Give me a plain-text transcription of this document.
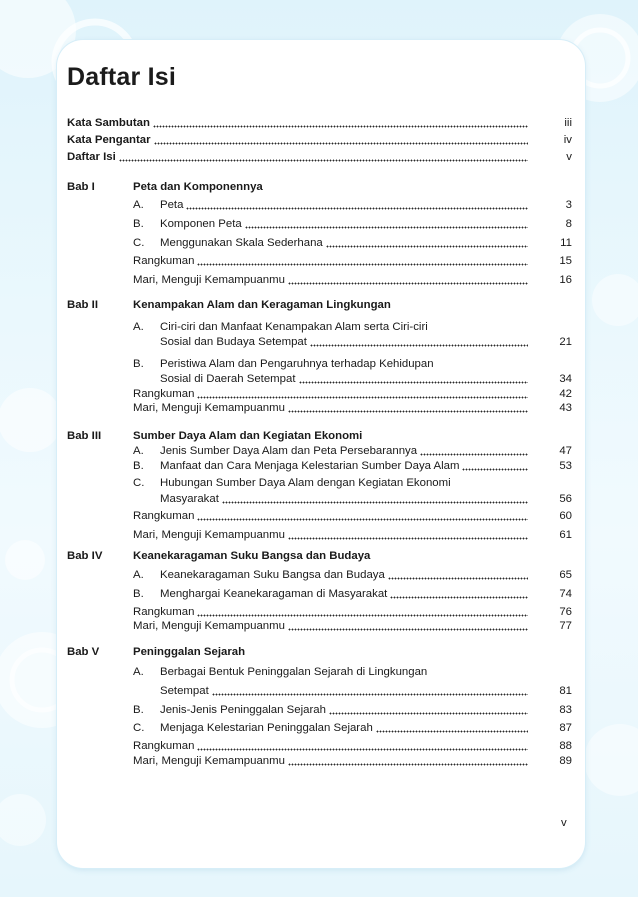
Daftar Isi
Kata Sambutan	iii
Kata Pengantar	iv
Daftar Isi	v
Bab I	Peta dan Komponennya
A. Peta	3
B. Komponen Peta	8
C. Menggunakan Skala Sederhana	11
Rangkuman	15
Mari, Menguji Kemampuanmu	16
Bab II	Kenampakan Alam dan Keragaman Lingkungan
A. Ciri-ciri dan Manfaat Kenampakan Alam serta Ciri-ciri
Sosial dan Budaya Setempat	21
B. Peristiwa Alam dan Pengaruhnya terhadap Kehidupan
Sosial di Daerah Setempat	34
Rangkuman	42
Mari, Menguji Kemampuanmu	43
Bab III	Sumber Daya Alam dan Kegiatan Ekonomi
A. Jenis Sumber Daya Alam dan Peta Persebarannya	47
B. Manfaat dan Cara Menjaga Kelestarian Sumber Daya Alam	53
C. Hubungan Sumber Daya Alam dengan Kegiatan Ekonomi
Masyarakat	56
Rangkuman	60
Mari, Menguji Kemampuanmu	61
Bab IV	Keanekaragaman Suku Bangsa dan Budaya
A. Keanekaragaman Suku Bangsa dan Budaya	65
B. Menghargai Keanekaragaman di Masyarakat	74
Rangkuman	76
Mari, Menguji Kemampuanmu	77
Bab V	Peninggalan Sejarah
A. Berbagai Bentuk Peninggalan Sejarah di Lingkungan
Setempat	81
B. Jenis-Jenis Peninggalan Sejarah	83
C. Menjaga Kelestarian Peninggalan Sejarah	87
Rangkuman	88
Mari, Menguji Kemampuanmu	89
v
